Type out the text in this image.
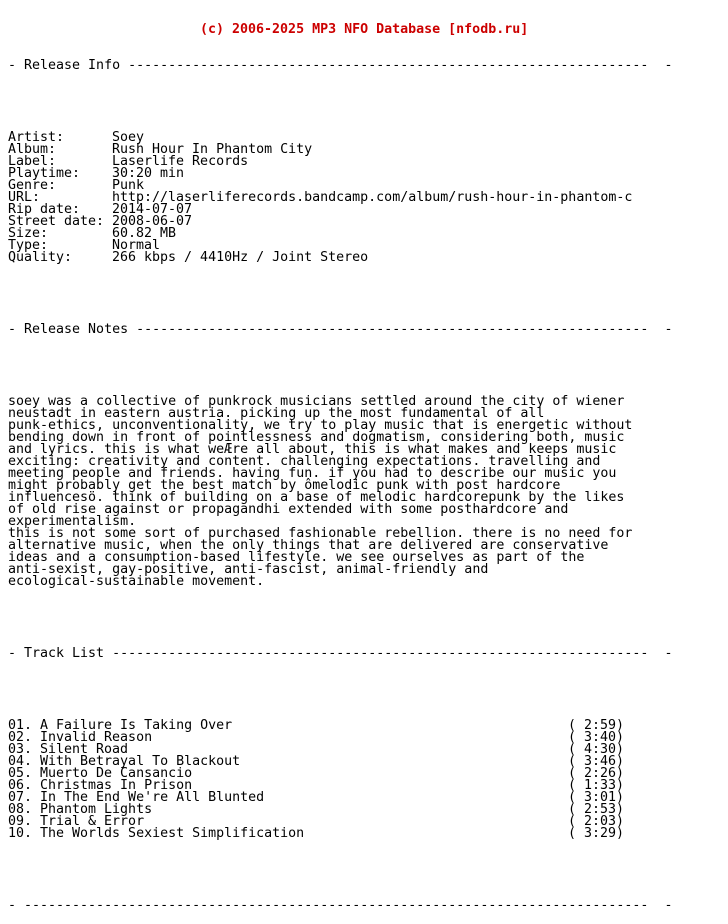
(c) 2006-2025 MP3 NFO Database [nfodb.ru]

- Release Info -----------------------------------------------------------------  -

Artist:	Soey
Album:	Rush Hour In Phantom City
Label:	Laserlife Records
Playtime: 30:20 min
Genre:	Punk
URL:	http://laserliferecords.bandcamp.com/album/rush-hour-in-phantom-c
Rip date: 2014-07-07
Street date: 2008-06-07
Size:	60.82 MB
Type:	Normal
Quality:	266 kbps / 4410Hz / Joint Stereo

- Release Notes ----------------------------------------------------------------  -

soey was a collective of punkrock musicians settled around the city of wiener
neustadt in eastern austria. picking up the most fundamental of all
punk-ethics, unconventionality, we try to play music that is energetic without
bending down in front of pointlessness and dogmatism, considering both, music
and lyrics. this is what weÆre all about, this is what makes and keeps music
exciting: creativity and content. challenging expectations. travelling and
meeting people and friends. having fun. if you had to describe our music you
might probably get the best match by ômelodic punk with post hardcore
influencesö. think of building on a base of melodic hardcorepunk by the likes
of old rise against or propagandhi extended with some posthardcore and
experimentalism.
this is not some sort of purchased fashionable rebellion. there is no need for
alternative music, when the only things that are delivered are conservative
ideas and a consumption-based lifestyle. we see ourselves as part of the
anti-sexist, gay-positive, anti-fascist, animal-friendly and
ecological-sustainable movement.

- Track List -------------------------------------------------------------------  -

01. A Failure Is Taking Over	( 2:59)
02. Invalid Reason	( 3:40)
03. Silent Road	( 4:30)
04. With Betrayal To Blackout	( 3:46)
05. Muerto De Cansancio	( 2:26)
06. Christmas In Prison	( 1:33)
07. In The End We're All Blunted	( 3:01)
08. Phantom Lights	( 2:53)
09. Trial & Error	( 2:03)
10. The Worlds Sexiest Simplification	( 3:29)

- ------------------------------------------------------------------------------  -
